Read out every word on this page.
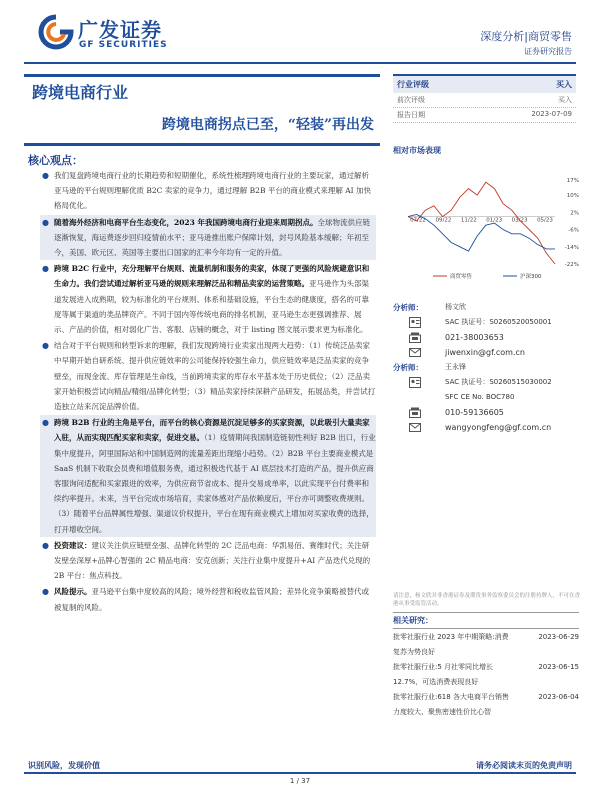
广发证券
GF SECURITIES
深度分析|商贸零售
证券研究报告
跨境电商行业
跨境电商拐点已至，“轻装”再出发
核心观点：
● 我们复盘跨境电商行业的长期趋势和短期催化，系统性梳理跨境电商行业的主要玩家，通过解析亚马逊的平台规则理解优质 B2C 卖家的竞争力，通过理解 B2B 平台的商业模式来理解 AI 加快格局优化。
● 随着海外经济和电商平台生态变化，2023 年我国跨境电商行业迎来周期拐点。全球物流供应链逐渐恢复，海运费逐步回归疫情前水平；亚马逊推出账户保障计划，封号风险基本缓解；年初至今，美国、欧元区、英国等主要出口国家的汇率今年均有一定的升值。
● 跨境 B2C 行业中，充分理解平台规则、流量机制和服务的卖家，体现了更强的风险规避意识和生命力。我们尝试通过解析亚马逊的规则来理解泛品和精品卖家的运营策略。亚马逊作为头部渠道发展进入成熟期，较为标准化的平台规则、体系和基础设施，平台生态的健康度，搭名的可靠度等属于渠道的类品牌资产。不同于国内等传统电商的排名机制，亚马逊生态更强调推荐、展示、产品的价值，相对弱化广告、客服、店铺的概念，对于 listing 图文展示要求更为标准化。
● 结合对于平台规则和转型诉求的理解，我们发现跨境行业卖家出现两大趋势：（1）传统泛品卖家中早期开始自研系统、提升供应链效率的公司能保持较强生命力，供应链效率是泛品卖家的竞争壁垒，而现金流、库存管理是生命线，当前跨境卖家的库存水平基本处于历史低位；（2）泛品卖家开始积极尝试向精品/精细/品牌化转型；（3）精品卖家持续深耕产品研发，拓展品类，并尝试打造独立站来沉淀品牌价值。
● 跨境 B2B 行业的主角是平台，而平台的核心资源是沉淀足够多的买家资源，以此吸引大量卖家入驻，从而实现匹配买家和卖家，促进交易。（1）疫情期间我国制造链韧性利好 B2B 出口，行业集中度提升，阿里国际站和中国制造网的流量差距出现缩小趋势。（2）B2B 平台主要商业模式是 SaaS 机制下收取会员费和增值服务费，通过积极迭代基于 AI 底层技术打造的产品，提升供应商客服询问适配和买家跟进的效率，为供应商节省成本、提升交易成单率，以此实现平台付费率和续约率提升。未来，当平台完成市场培育，卖家体感对产品依赖度后，平台亦可调整收费规则。（3）随着平台品牌属性增强、渠道议价权提升，平台在现有商业模式上增加对买家收费的选择，打开增收空间。
● 投资建议：建议关注供应链壁垒强、品牌化转型的 2C 泛品电商：华凯易佰、赛维时代；关注研发壁垒深厚+品牌心智强的 2C 精品电商：安克创新；关注行业集中度提升+AI 产品迭代兑现的 2B 平台：焦点科技。
● 风险提示。亚马逊平台集中度较高的风险；境外经营和税收监管风险；差异化竞争策略被替代或被复制的风险。
行业评级	买入
前次评级	买入
报告日期	2023-07-09
相对市场表现
17%
10%
2%
-6%
-14%
-22%
07/22 09/22 11/22 01/23 03/23 05/23
商贸零售	沪深300
分析师：	杨文欣
SAC 执证号：S0260520050001
021-38003653
jiwenxin@gf.com.cn
分析师：	王永锋
SAC 执证号：S0260515030002
SFC CE No. BOC780
010-59136605
wangyongfeng@gf.com.cn
请注意，杨文欣并非香港证券及期货事务监察委员会的注册持牌人，不可在香港从事受监管活动。
相关研究：
批零社服行业 2023 年中期策略:消费复苏为势良好
2023-06-29
批零社服行业:5 月社零同比增长 12.7%，可选消费表现良好
2023-06-15
批零社服行业:618 各大电商平台销售力度较大、聚焦密速性价比心智
2023-06-04
识别风险，发现价值	请务必阅读末页的免责声明
1 / 37
